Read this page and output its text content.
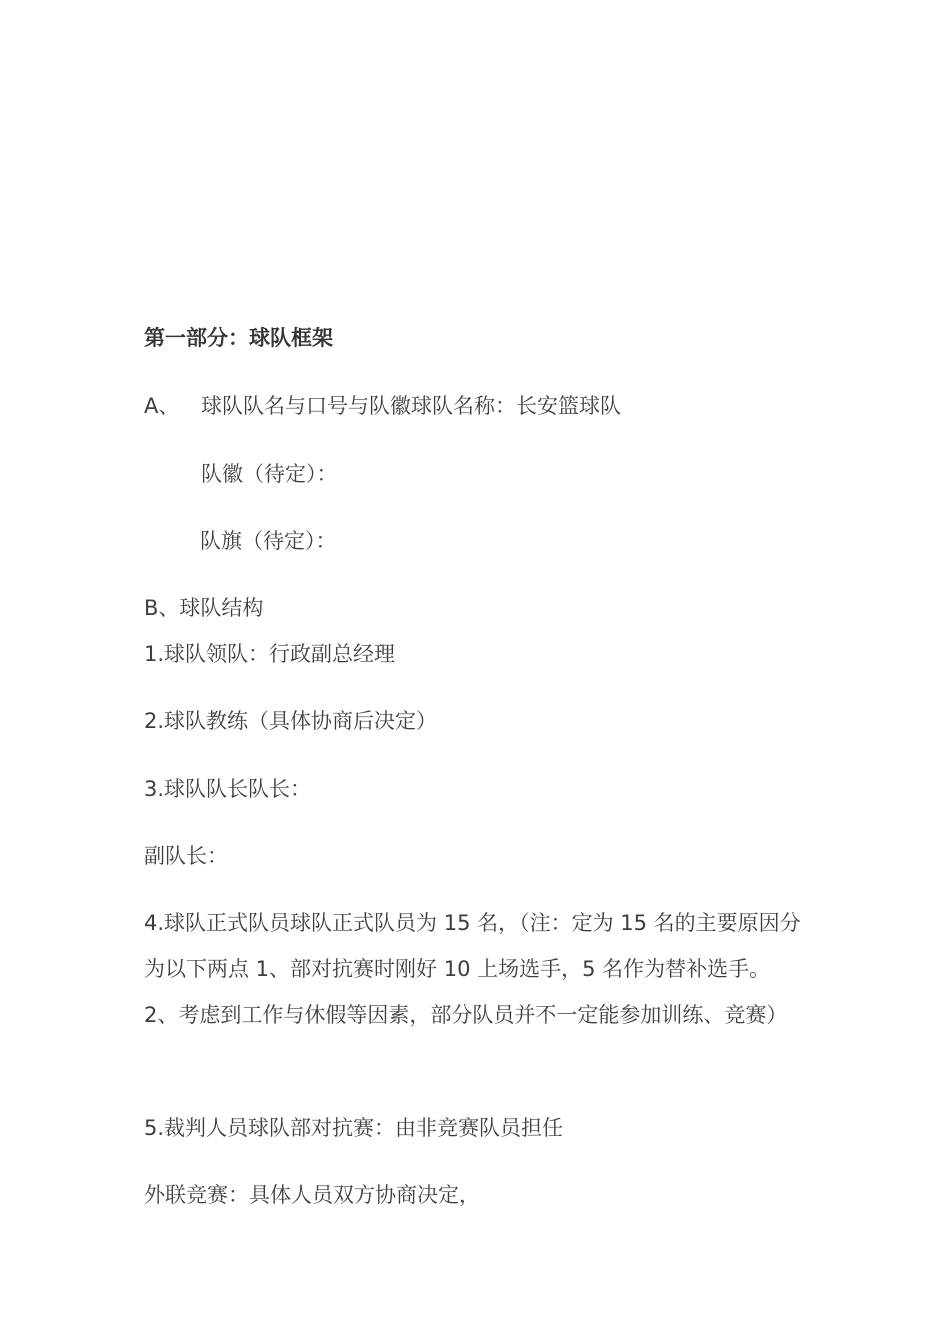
第一部分：球队框架
A、 球队队名与口号与队徽球队名称：长安篮球队
队徽（待定）：
队旗（待定）：
B、球队结构
1.球队领队：行政副总经理
2.球队教练（具体协商后决定）
3.球队队长队长：
副队长：
4.球队正式队员球队正式队员为 15 名，（注：定为 15 名的主要原因分为以下两点 1、部对抗赛时刚好 10 上场选手，5 名作为替补选手。2、考虑到工作与休假等因素，部分队员并不一定能参加训练、竞赛）
5.裁判人员球队部对抗赛：由非竞赛队员担任
外联竞赛：具体人员双方协商决定，
